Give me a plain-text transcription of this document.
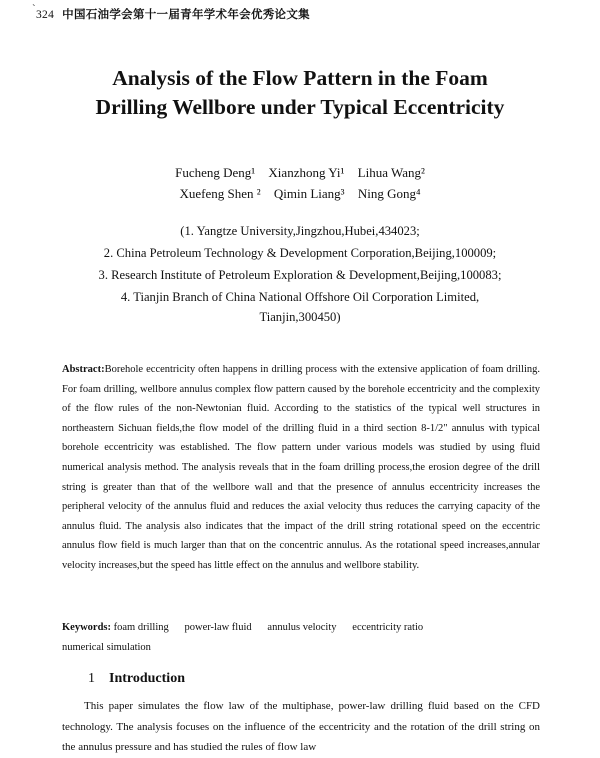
` 324 中国石油学会第十一届青年学术年会优秀论文集
Analysis of the Flow Pattern in the Foam
Drilling Wellbore under Typical Eccentricity
Fucheng Deng¹ Xianzhong Yi¹ Lihua Wang²
Xuefeng Shen ² Qimin Liang³ Ning Gong⁴
(1. Yangtze University,Jingzhou,Hubei,434023;
2. China Petroleum Technology & Development Corporation,Beijing,100009;
3. Research Institute of Petroleum Exploration & Development,Beijing,100083;
4. Tianjin Branch of China National Offshore Oil Corporation Limited,
Tianjin,300450)
Abstract:Borehole eccentricity often happens in drilling process with the extensive application of foam drilling. For foam drilling, wellbore annulus complex flow pattern caused by the borehole eccentricity and the complexity of the flow rules of the non-Newtonian fluid. According to the statistics of the typical well structures in northeastern Sichuan fields,the flow model of the drilling fluid in a third section 8-1/2" annulus with typical borehole eccentricity was established. The flow pattern under various models was studied by using fluid numerical analysis method. The analysis reveals that in the foam drilling process,the erosion degree of the drill string is greater than that of the wellbore wall and that the presence of annulus eccentricity increases the peripheral velocity of the annulus fluid and reduces the axial velocity thus reduces the carrying capacity of the annulus fluid. The analysis also indicates that the impact of the drill string rotational speed on the eccentric annulus flow field is much larger than that on the concentric annulus. As the rotational speed increases,annular velocity increases,but the speed has little effect on the annulus and wellbore stability.
Keywords: foam drilling power-law fluid annulus velocity eccentricity ratio
numerical simulation
1 Introduction
This paper simulates the flow law of the multiphase, power-law drilling fluid based on the CFD technology. The analysis focuses on the influence of the eccentricity and the rotation of the drill string on the annulus pressure and has studied the rules of flow law
